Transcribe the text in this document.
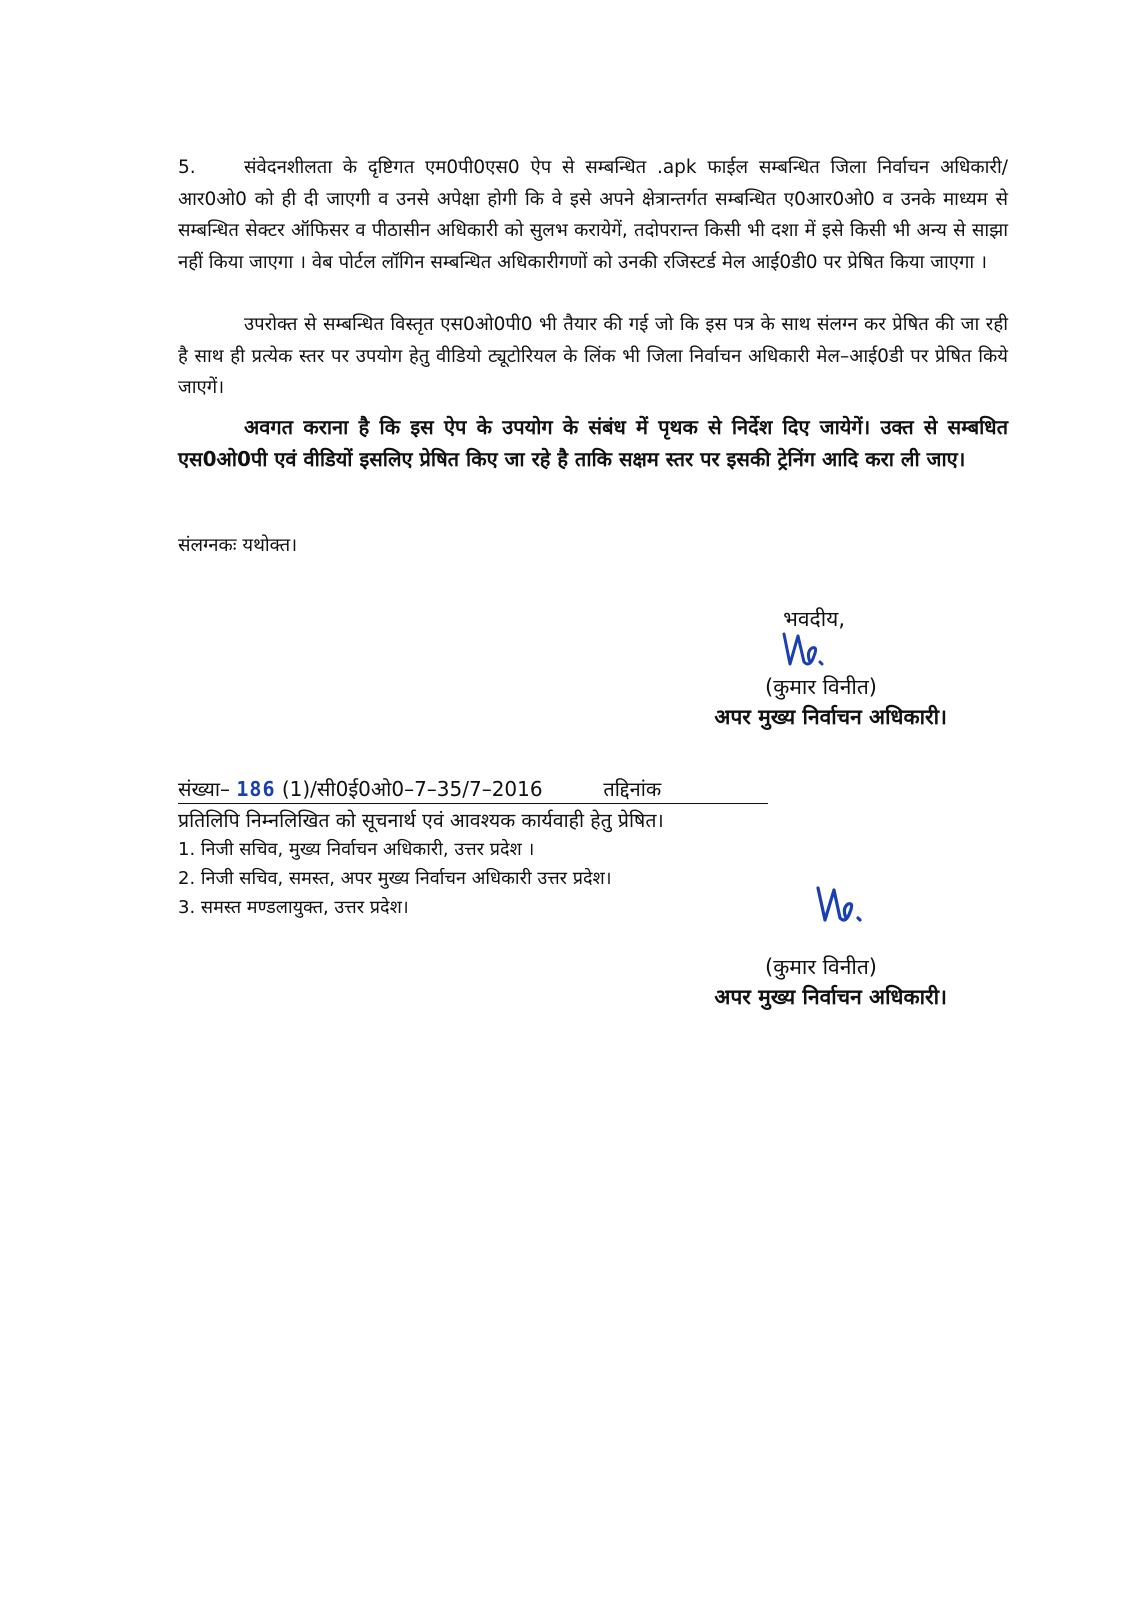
5.	संवेदनशीलता के दृष्टिगत एम0पी0एस0 ऐप से सम्बन्धित .apk फाईल सम्बन्धित जिला निर्वाचन अधिकारी/आर0ओ0 को ही दी जाएगी व उनसे अपेक्षा होगी कि वे इसे अपने क्षेत्रान्तर्गत सम्बन्धित ए0आर0ओ0 व उनके माध्यम से सम्बन्धित सेक्टर ऑफिसर व पीठासीन अधिकारी को सुलभ करायेगें, तदोपरान्त किसी भी दशा में इसे किसी भी अन्य से साझा नहीं किया जाएगा । वेब पोर्टल लॉगिन सम्बन्धित अधिकारीगणों को उनकी रजिस्टर्ड मेल आई0डी0 पर प्रेषित किया जाएगा ।
उपरोक्त से सम्बन्धित विस्तृत एस0ओ0पी0 भी तैयार की गई जो कि इस पत्र के साथ संलग्न कर प्रेषित की जा रही है साथ ही प्रत्येक स्तर पर उपयोग हेतु वीडियो ट्यूटोरियल के लिंक भी जिला निर्वाचन अधिकारी मेल–आई0डी पर प्रेषित किये जाएगें।
अवगत कराना है कि इस ऐप के उपयोग के संबंध में पृथक से निर्देश दिए जायेगें। उक्त से सम्बधित एस0ओ0पी एवं वीडियों इसलिए प्रेषित किए जा रहे है ताकि सक्षम स्तर पर इसकी ट्रेनिंग आदि करा ली जाए।
संलग्नकः यथोक्त।
भवदीय,
(कुमार विनीत)
अपर मुख्य निर्वाचन अधिकारी।
संख्या– 186 (1)/सी0ई0ओ0–7–35/7–2016	तद्दिनांक
प्रतिलिपि निम्नलिखित को सूचनार्थ एवं आवश्यक कार्यवाही हेतु प्रेषित।
1. निजी सचिव, मुख्य निर्वाचन अधिकारी, उत्तर प्रदेश ।
2. निजी सचिव, समस्त, अपर मुख्य निर्वाचन अधिकारी उत्तर प्रदेश।
3. समस्त मण्डलायुक्त, उत्तर प्रदेश।
(कुमार विनीत)
अपर मुख्य निर्वाचन अधिकारी।
